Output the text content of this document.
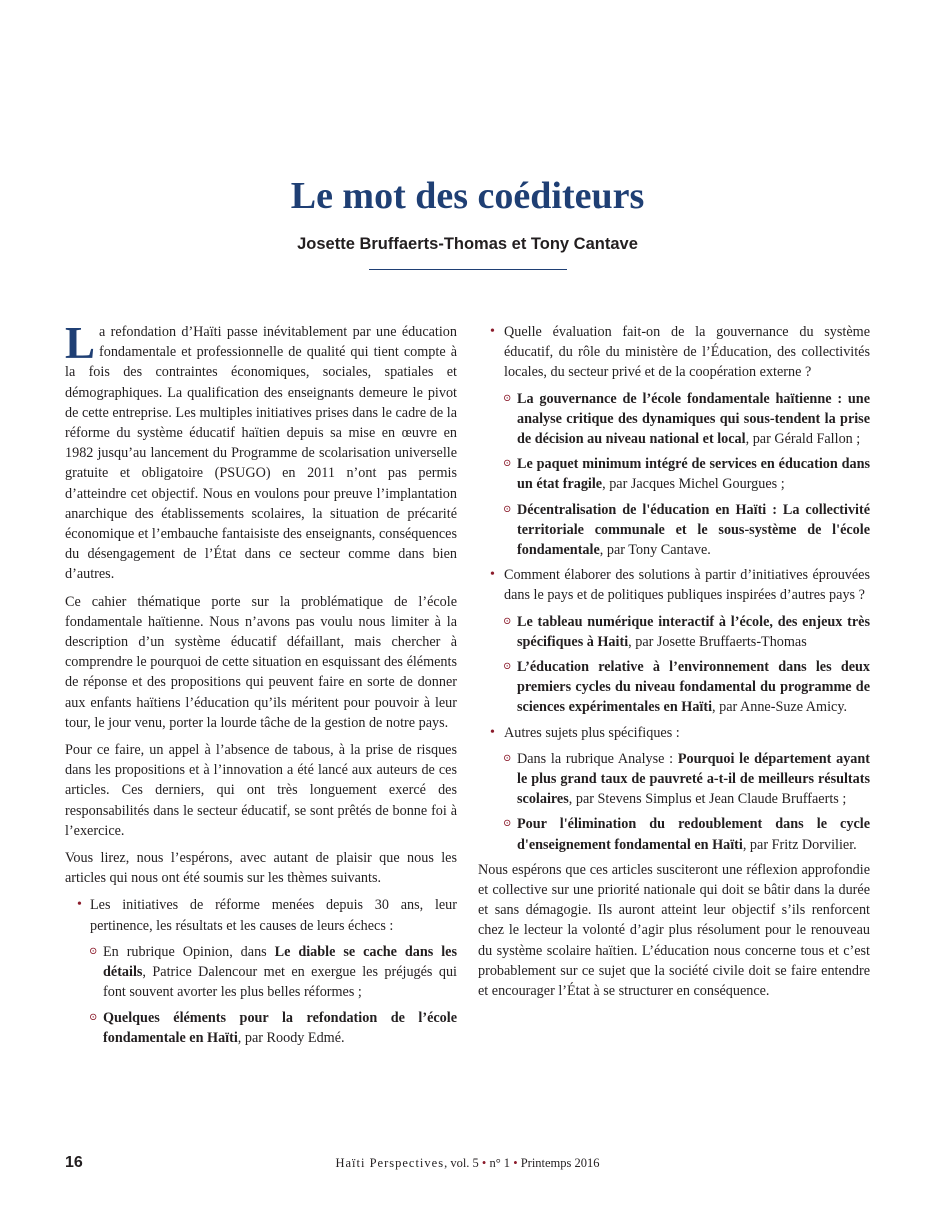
Le mot des coéditeurs
Josette Bruffaerts-Thomas et Tony Cantave

La refondation d’Haïti passe inévitablement par une éducation fondamentale et professionnelle de qualité qui tient compte à la fois des contraintes économiques, sociales, spatiales et démographiques. La qualification des enseignants demeure le pivot de cette entreprise. Les multiples initiatives prises dans le cadre de la réforme du système éducatif haïtien depuis sa mise en œuvre en 1982 jusqu’au lancement du Programme de scolarisation universelle gratuite et obligatoire (PSUGO) en 2011 n’ont pas permis d’atteindre cet objectif. Nous en voulons pour preuve l’implantation anarchique des établissements scolaires, la situation de précarité économique et l’embauche fantaisiste des enseignants, conséquences du désengagement de l’État dans ce secteur comme dans bien d’autres.

Ce cahier thématique porte sur la problématique de l’école fondamentale haïtienne. Nous n’avons pas voulu nous limiter à la description d’un système éducatif défaillant, mais chercher à comprendre le pourquoi de cette situation en esquissant des éléments de réponse et des propositions qui peuvent faire en sorte de donner aux enfants haïtiens l’éducation qu’ils méritent pour pouvoir à leur tour, le jour venu, porter la lourde tâche de la gestion de notre pays.

Pour ce faire, un appel à l’absence de tabous, à la prise de risques dans les propositions et à l’innovation a été lancé aux auteurs de ces articles. Ces derniers, qui ont très longuement exercé des responsabilités dans le secteur éducatif, se sont prêtés de bonne foi à l’exercice.

Vous lirez, nous l’espérons, avec autant de plaisir que nous les articles qui nous ont été soumis sur les thèmes suivants.

• Les initiatives de réforme menées depuis 30 ans, leur pertinence, les résultats et les causes de leurs échecs :
⊙ En rubrique Opinion, dans Le diable se cache dans les détails, Patrice Dalencour met en exergue les préjugés qui font souvent avorter les plus belles réformes ;
⊙ Quelques éléments pour la refondation de l’école fondamentale en Haïti, par Roody Edmé.
• Quelle évaluation fait-on de la gouvernance du système éducatif, du rôle du ministère de l’Éducation, des collectivités locales, du secteur privé et de la coopération externe ?
⊙ La gouvernance de l’école fondamentale haïtienne : une analyse critique des dynamiques qui sous-tendent la prise de décision au niveau national et local, par Gérald Fallon ;
⊙ Le paquet minimum intégré de services en éducation dans un état fragile, par Jacques Michel Gourgues ;
⊙ Décentralisation de l'éducation en Haïti : La collectivité territoriale communale et le sous-système de l'école fondamentale, par Tony Cantave.
• Comment élaborer des solutions à partir d’initiatives éprouvées dans le pays et de politiques publiques inspirées d’autres pays ?
⊙ Le tableau numérique interactif à l’école, des enjeux très spécifiques à Haiti, par Josette Bruffaerts-Thomas
⊙ L’éducation relative à l’environnement dans les deux premiers cycles du niveau fondamental du programme de sciences expérimentales en Haïti, par Anne-Suze Amicy.
• Autres sujets plus spécifiques :
⊙ Dans la rubrique Analyse : Pourquoi le département ayant le plus grand taux de pauvreté a-t-il de meilleurs résultats scolaires, par Stevens Simplus et Jean Claude Bruffaerts ;
⊙ Pour l'élimination du redoublement dans le cycle d'enseignement fondamental en Haïti, par Fritz Dorvilier.

Nous espérons que ces articles susciteront une réflexion approfondie et collective sur une priorité nationale qui doit se bâtir dans la durée et sans démagogie. Ils auront atteint leur objectif s’ils renforcent chez le lecteur la volonté d’agir plus résolument pour le renouveau du système scolaire haïtien. L’éducation nous concerne tous et c’est probablement sur ce sujet que la société civile doit se faire entendre et encourager l’État à se structurer en conséquence.

16	Haïti Perspectives, vol. 5 • n° 1 • Printemps 2016
